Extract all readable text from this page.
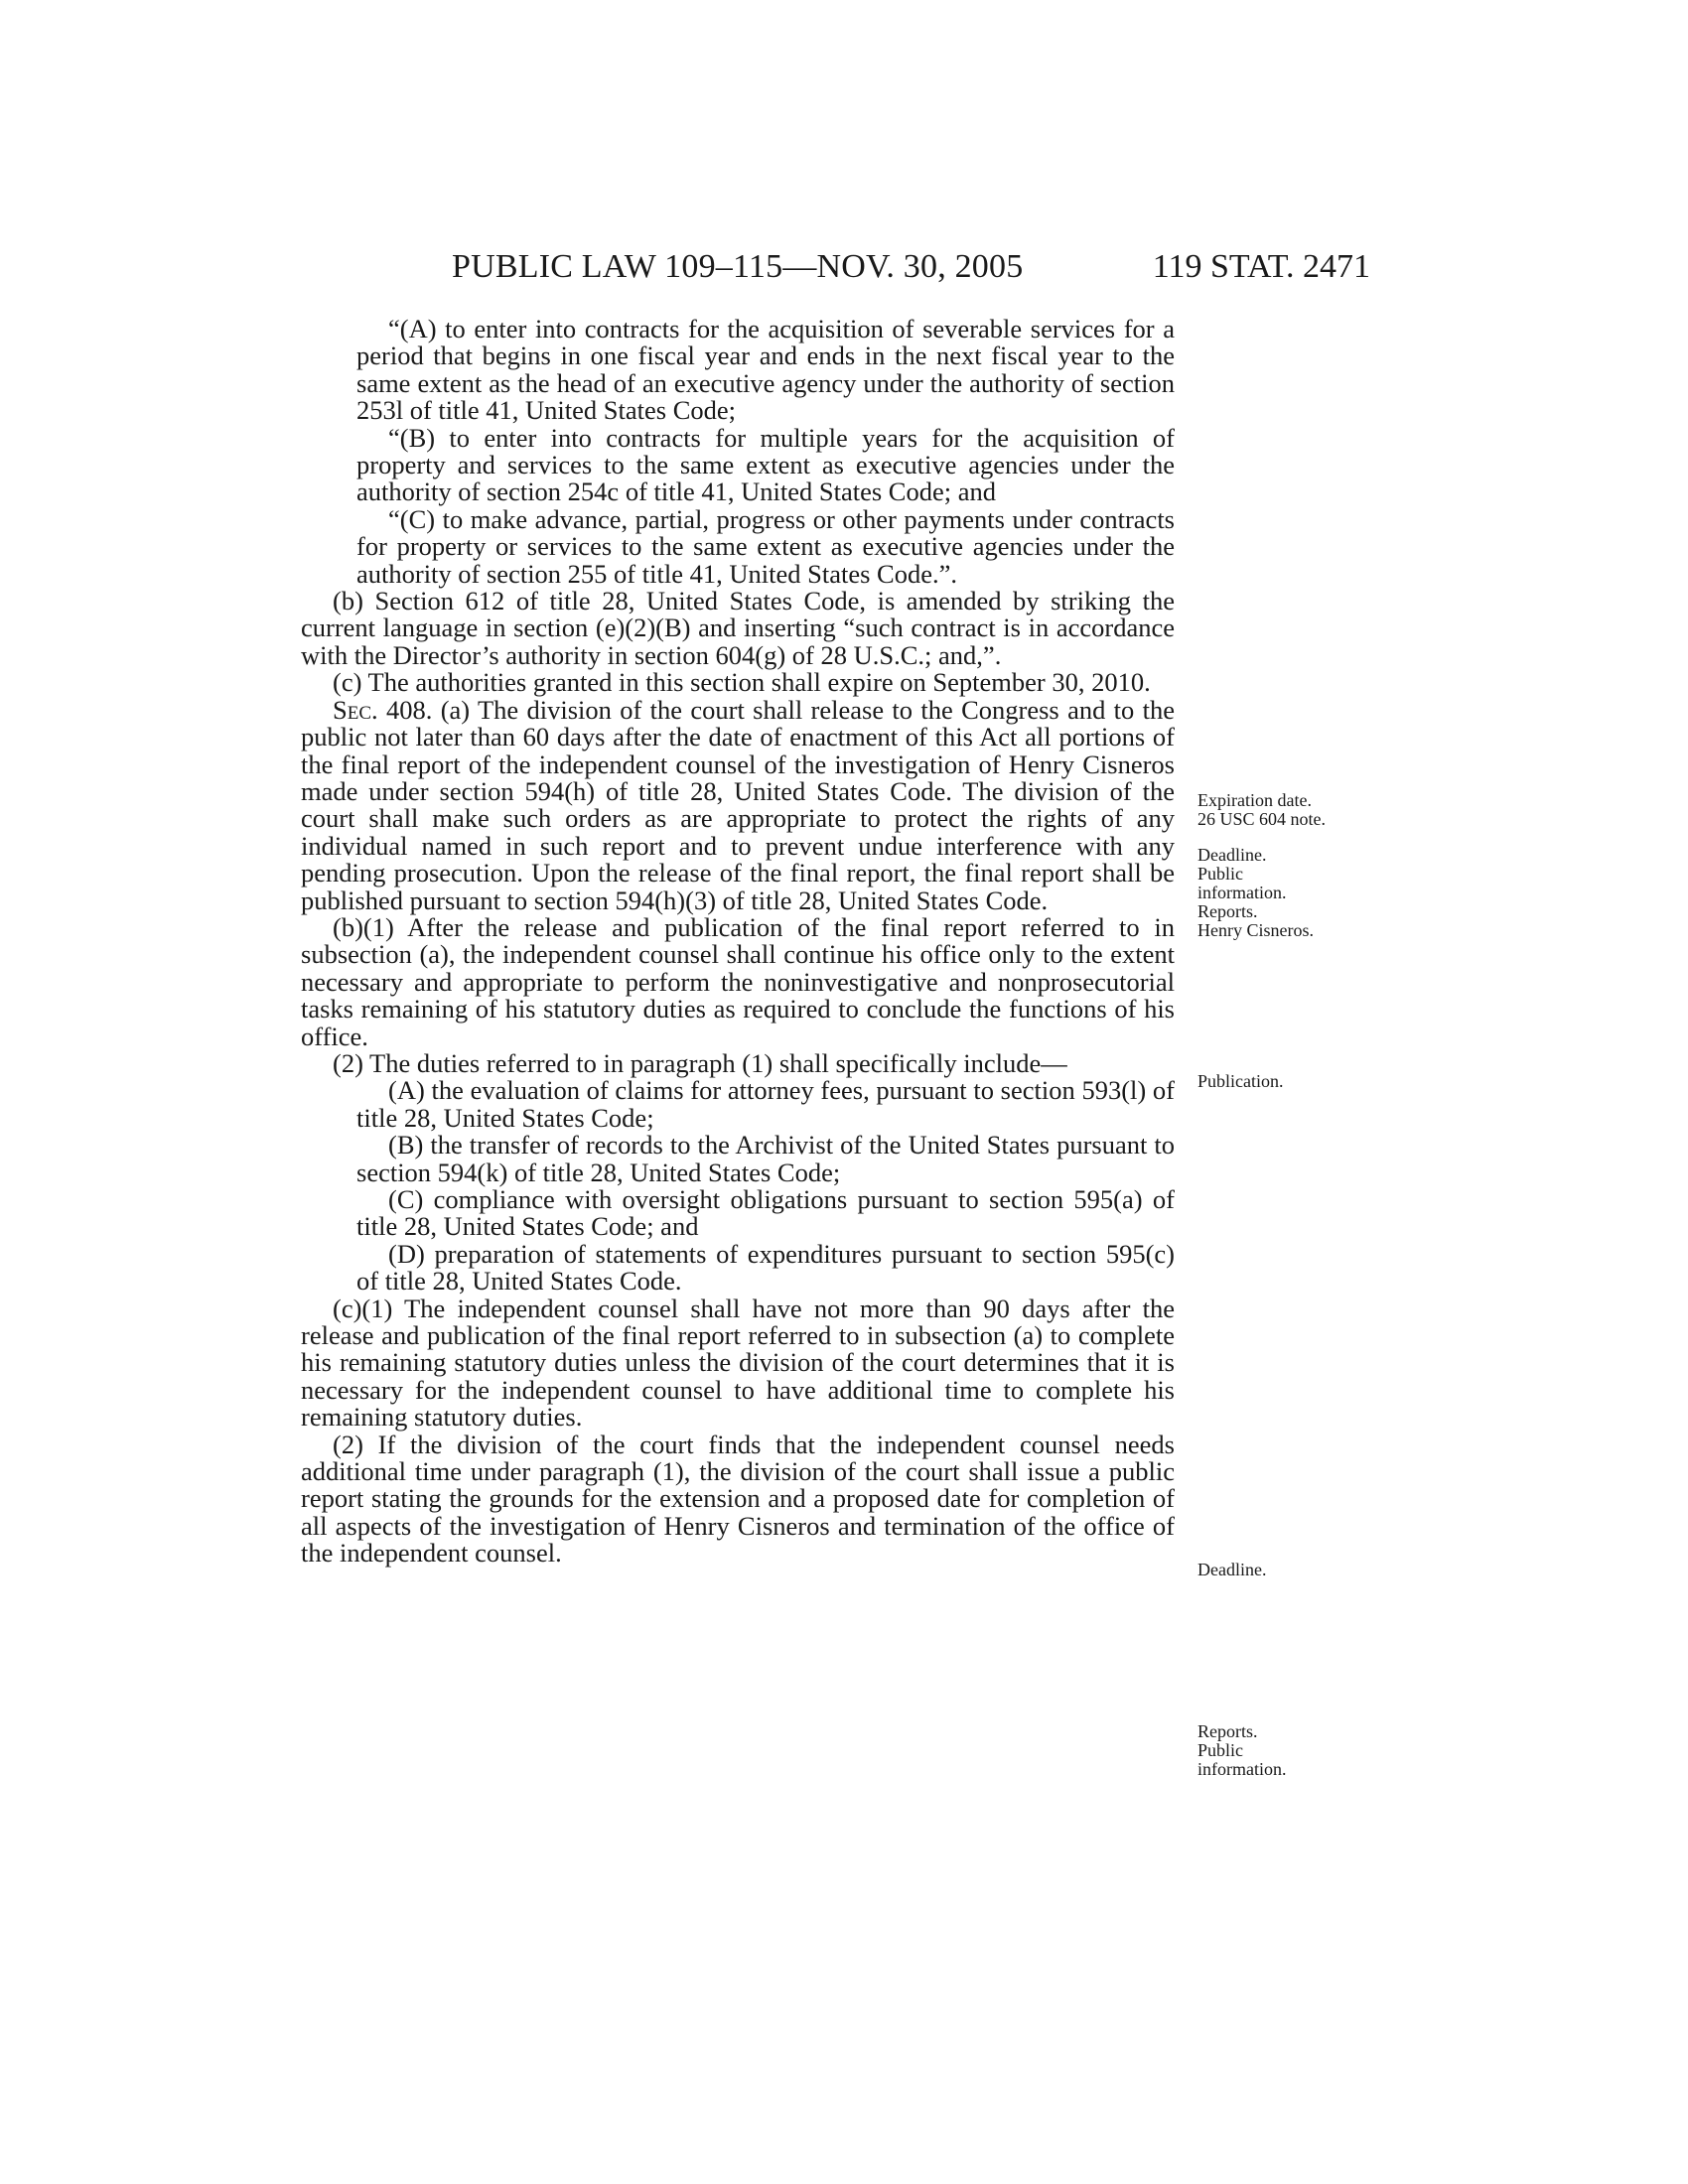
PUBLIC LAW 109–115—NOV. 30, 2005	119 STAT. 2471

“(A) to enter into contracts for the acquisition of severable services for a period that begins in one fiscal year and ends in the next fiscal year to the same extent as the head of an executive agency under the authority of section 253l of title 41, United States Code;

“(B) to enter into contracts for multiple years for the acquisition of property and services to the same extent as executive agencies under the authority of section 254c of title 41, United States Code; and

“(C) to make advance, partial, progress or other payments under contracts for property or services to the same extent as executive agencies under the authority of section 255 of title 41, United States Code.”.

(b) Section 612 of title 28, United States Code, is amended by striking the current language in section (e)(2)(B) and inserting “such contract is in accordance with the Director’s authority in section 604(g) of 28 U.S.C.; and,”.

(c) The authorities granted in this section shall expire on September 30, 2010.

Sec. 408. (a) The division of the court shall release to the Congress and to the public not later than 60 days after the date of enactment of this Act all portions of the final report of the independent counsel of the investigation of Henry Cisneros made under section 594(h) of title 28, United States Code. The division of the court shall make such orders as are appropriate to protect the rights of any individual named in such report and to prevent undue interference with any pending prosecution. Upon the release of the final report, the final report shall be published pursuant to section 594(h)(3) of title 28, United States Code.

(b)(1) After the release and publication of the final report referred to in subsection (a), the independent counsel shall continue his office only to the extent necessary and appropriate to perform the noninvestigative and nonprosecutorial tasks remaining of his statutory duties as required to conclude the functions of his office.

(2) The duties referred to in paragraph (1) shall specifically include—

(A) the evaluation of claims for attorney fees, pursuant to section 593(l) of title 28, United States Code;

(B) the transfer of records to the Archivist of the United States pursuant to section 594(k) of title 28, United States Code;

(C) compliance with oversight obligations pursuant to section 595(a) of title 28, United States Code; and

(D) preparation of statements of expenditures pursuant to section 595(c) of title 28, United States Code.

(c)(1) The independent counsel shall have not more than 90 days after the release and publication of the final report referred to in subsection (a) to complete his remaining statutory duties unless the division of the court determines that it is necessary for the independent counsel to have additional time to complete his remaining statutory duties.

(2) If the division of the court finds that the independent counsel needs additional time under paragraph (1), the division of the court shall issue a public report stating the grounds for the extension and a proposed date for completion of all aspects of the investigation of Henry Cisneros and termination of the office of the independent counsel.

Expiration date.
26 USC 604 note.
Deadline.
Public
information.
Reports.
Henry Cisneros.
Publication.
Deadline.
Reports.
Public
information.
